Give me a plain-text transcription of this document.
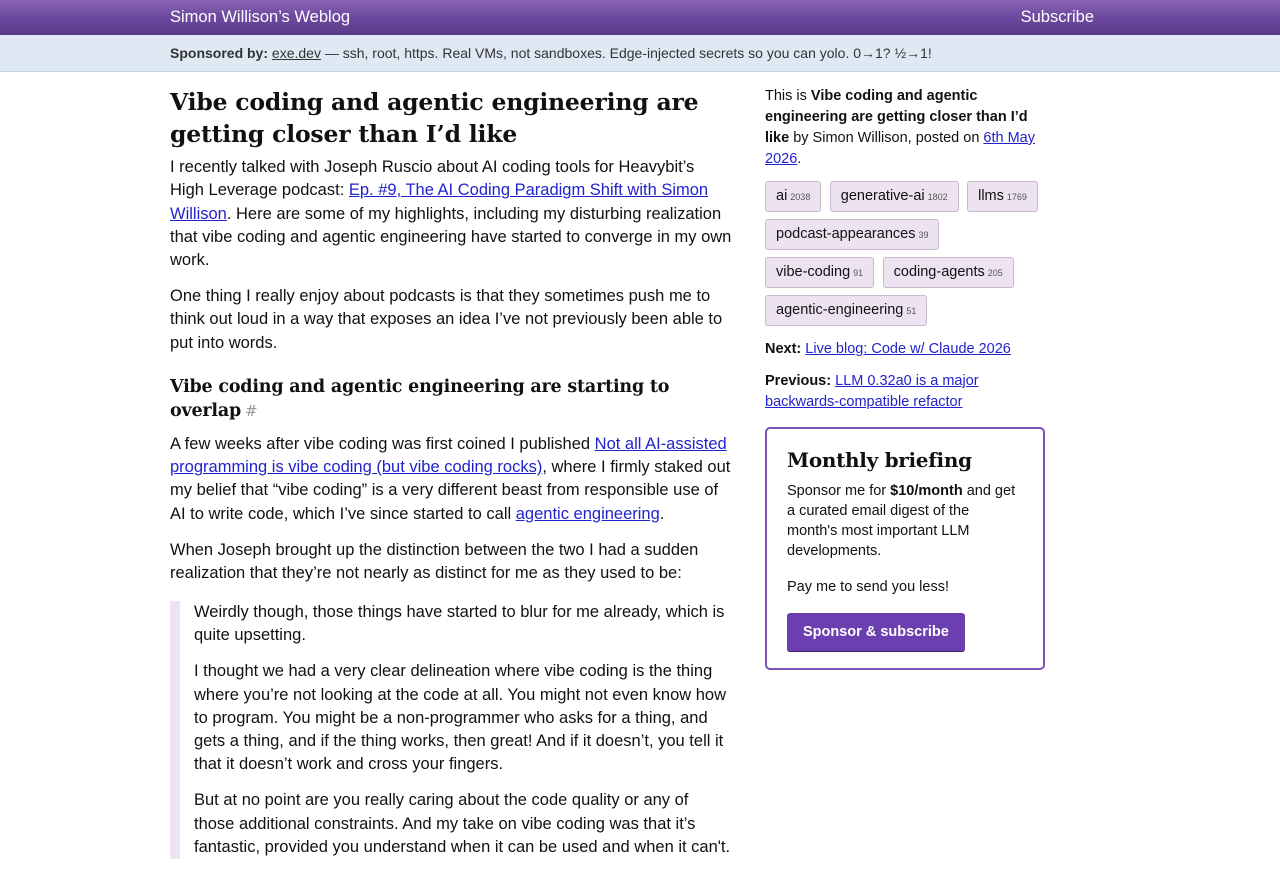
Simon Willison’s Weblog	Subscribe
Sponsored by: exe.dev — ssh, root, https. Real VMs, not sandboxes. Edge-injected secrets so you can yolo. 0→1? ½→1!
Vibe coding and agentic engineering are getting closer than I’d like

I recently talked with Joseph Ruscio about AI coding tools for Heavybit’s High Leverage podcast: Ep. #9, The AI Coding Paradigm Shift with Simon Willison. Here are some of my highlights, including my disturbing realization that vibe coding and agentic engineering have started to converge in my own work.

One thing I really enjoy about podcasts is that they sometimes push me to think out loud in a way that exposes an idea I’ve not previously been able to put into words.

Vibe coding and agentic engineering are starting to overlap #

A few weeks after vibe coding was first coined I published Not all AI-assisted programming is vibe coding (but vibe coding rocks), where I firmly staked out my belief that “vibe coding” is a very different beast from responsible use of AI to write code, which I’ve since started to call agentic engineering.

When Joseph brought up the distinction between the two I had a sudden realization that they’re not nearly as distinct for me as they used to be:

Weirdly though, those things have started to blur for me already, which is quite upsetting.

I thought we had a very clear delineation where vibe coding is the thing where you’re not looking at the code at all. You might not even know how to program. You might be a non-programmer who asks for a thing, and gets a thing, and if the thing works, then great! And if it doesn’t, you tell it that it doesn’t work and cross your fingers.

But at no point are you really caring about the code quality or any of those additional constraints. And my take on vibe coding was that it’s fantastic, provided you understand when it can be used and when it can't.

This is Vibe coding and agentic engineering are getting closer than I’d like by Simon Willison, posted on 6th May 2026.
ai 2038 generative-ai 1802 llms 1769 podcast-appearances 39 vibe-coding 91 coding-agents 205 agentic-engineering 51
Next: Live blog: Code w/ Claude 2026
Previous: LLM 0.32a0 is a major backwards-compatible refactor
Monthly briefing

Sponsor me for $10/month and get a curated email digest of the month's most important LLM developments.

Pay me to send you less!

Sponsor & subscribe
